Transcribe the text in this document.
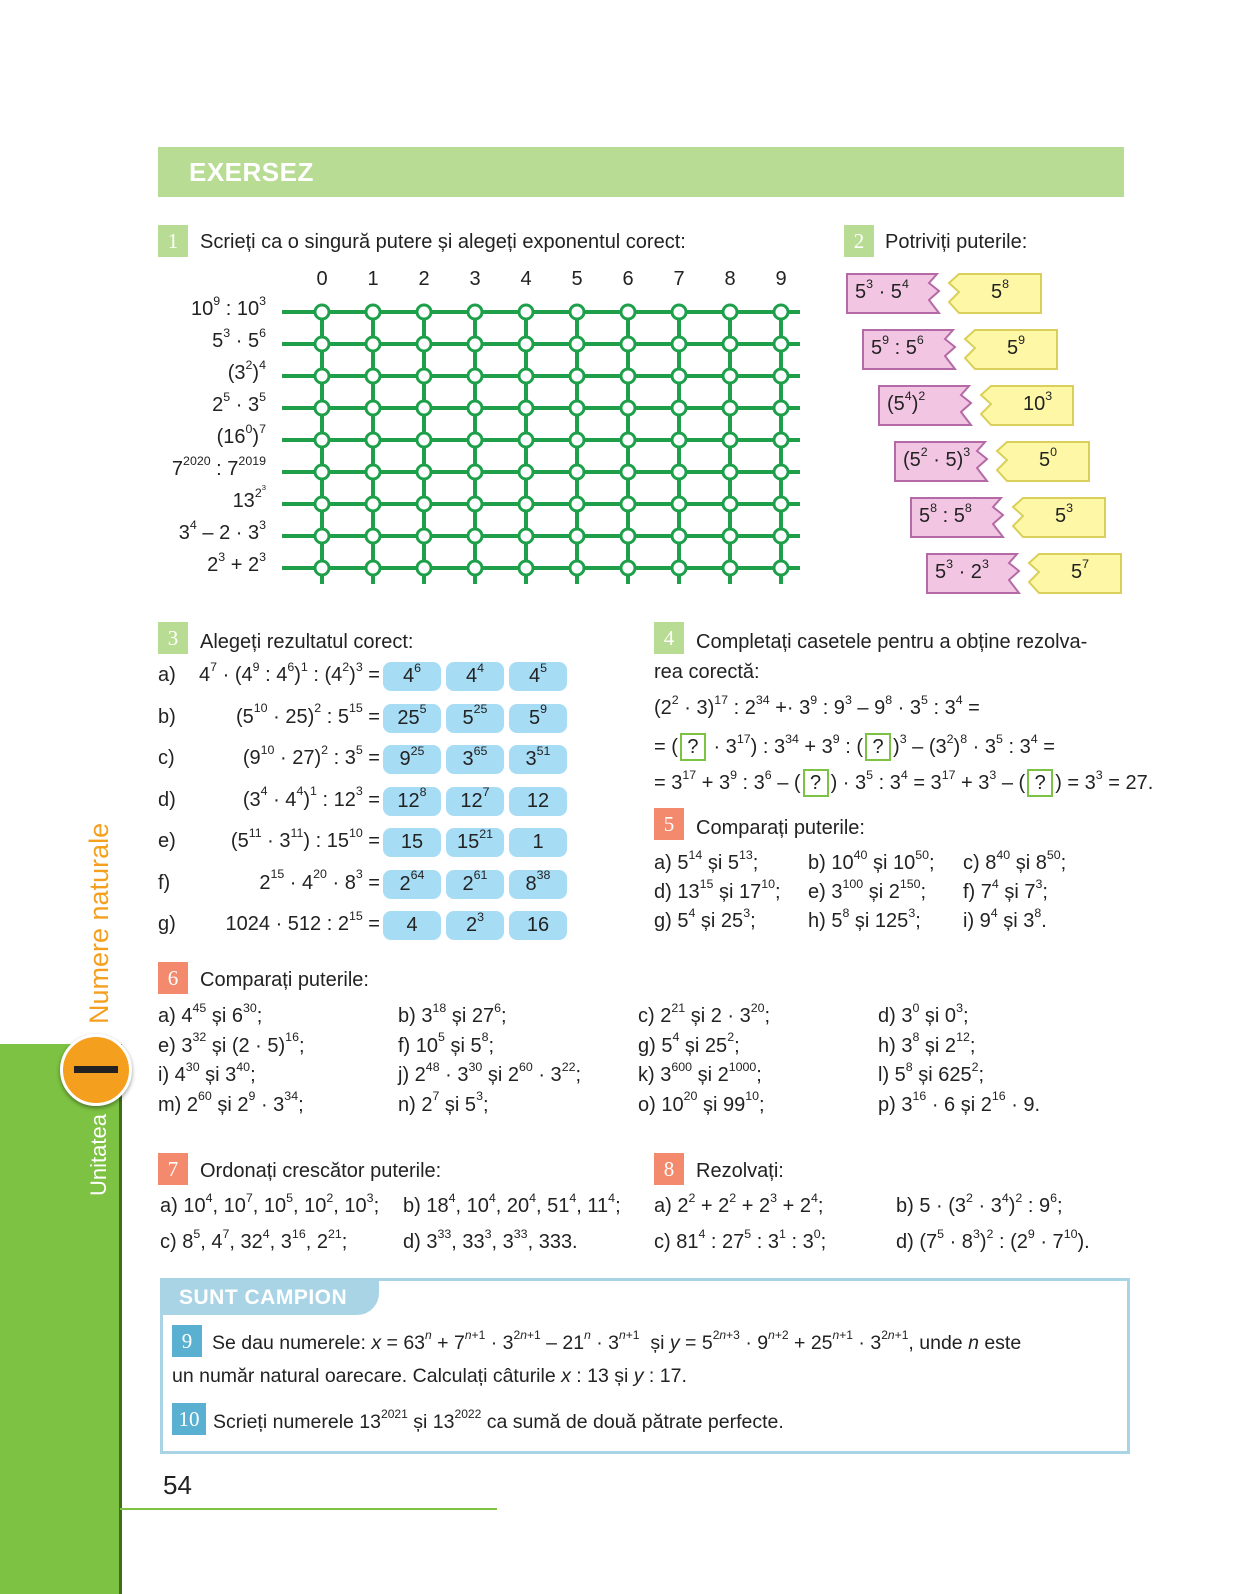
EXERSEZ
1	Scrieți ca o singură putere și alegeți exponentul corect:
0 1 2 3 4 5 6 7 8 9
$10^9$ : $10^3$
$5^3 \cdot 5^6$
$(3^2)^4$
$2^5 \cdot 3^5$
$(16^0)^7$
$7^{2020}$ : $7^{2019}$
$13^{2^3}$
$3^4 - 2 \cdot 3^3$
$2^3 + 2^3$
2	Potriviți puterile:
$5^3 \cdot 5^4$	$5^8$
$5^9$ : $5^6$	$5^9$
$(5^4)^2$	$10^3$
$(5^2 \cdot 5)^3$	$5^0$
$5^8$ : $5^8$	$5^3$
$5^3 \cdot 2^3$	$5^7$
3	Alegeți rezultatul corect:
a) $4^7 \cdot (4^9$ : $4^6)^1$ : $(4^2)^3$ =	$4^6$	$4^4$	$4^5$
b)	$(5^{10} \cdot 25)^2$ : $5^{15} = 25^5$	$5^{25}$	$5^9$
c)	$(9^{10} \cdot 27)^2$ : $3^5 = 9^{25}$	$3^{65}$	$3^{51}$
d)	$(3^4 \cdot 4^4)^1$ : $12^3 = 12^8$	$12^7$	12
e)	$(5^{11} \cdot 3^{11})$ : $15^{10}$ =	15	$15^{21}$	1
f)	$2^{15} \cdot 4^{20} \cdot 8^3 = 2^{64}$	$2^{61}$	$8^{38}$
g) 1024 · 512 : $2^{15}$ =	4	$2^3$	16
4	Completați casetele pentru a obține rezolva-
rea corectă:
$(2^2 \cdot 3)^{17}$ : $2^{34} +\cdot 3^9$ : $9^3 - 9^8 \cdot 3^5$ : $3^4$ =
= ( ? · $3^{17}$) : $3^{34} + 3^9$ : ( ? )$^3 - (3^2)^8 \cdot 3^5$ : $3^4$ =
= $3^{17} + 3^9$ : $3^6$ – ( ? ) · $3^5$ : $3^4 = 3^{17} + 3^3$ – ( ? ) = $3^3 = 27$.
5	Comparați puterile:
a) $5^{14}$ și $5^{13}$; b) $10^{40}$ și $10^{50}$; c) $8^{40}$ și $8^{50}$;
d) $13^{15}$ și $17^{10}$; e) $3^{100}$ și $2^{150}$; f) $7^4$ și $7^3$;
g) $5^4$ și $25^3$;	h) $5^8$ și $125^3$; i) $9^4$ și $3^8$.
6	Comparați puterile:
a) $4^{45}$ și $6^{30}$;	b) $3^{18}$ și $27^6$;	c) $2^{21}$ și $2 \cdot 3^{20}$;	d) $3^0$ și $0^3$;
e) $3^{32}$ și $(2 \cdot 5)^{16}$;	f) $10^5$ și $5^8$;	g) $5^4$ și $25^2$;	h) $3^8$ și $2^{12}$;
i) $4^{30}$ și $3^{40}$;	j) $2^{48} \cdot 3^{30}$ și $2^{60} \cdot 3^{22}$;	k) $3^{600}$ și $2^{1000}$;	l) $5^8$ și $625^2$;
m) $2^{60}$ și $2^9 \cdot 3^{34}$;	n) $2^7$ și $5^3$;	o) $10^{20}$ și $99^{10}$;	p) $3^{16} \cdot 6$ și $2^{16} \cdot 9$.
7	Ordonați crescător puterile:
a) $10^4$, $10^7$, $10^5$, $10^2$, $10^3$; b) $18^4$, $10^4$, $20^4$, $51^4$, $11^4$;
c) $8^5$, $4^7$, $32^4$, $3^{16}$, $2^{21}$;	d) $3^{33}$, $33^3$, $3^{33}$, 333.
8	Rezolvați:
a) $2^2 + 2^2 + 2^3 + 2^4$;	b) $5 \cdot (3^2 \cdot 3^4)^2$ : $9^6$;
c) $81^4$ : $27^5$ : $3^1$ : $3^0$;	d) $(7^5 \cdot 8^3)^2$ : $(2^9 \cdot 7^{10})$.
SUNT CAMPION
9	Se dau numerele: $x = 63^n + 7^{n+1} \cdot 3^{2n+1} - 21^n \cdot 3^{n+1}$  și $y = 5^{2n+3} \cdot 9^{n+2} + 25^{n+1} \cdot 3^{2n+1}$, unde n este
un număr natural oarecare. Calculați câturile x : 13 și y : 17.
10 Scrieți numerele $13^{2021}$ și $13^{2022}$ ca sumă de două pătrate perfecte.
Unitatea
Numere naturale
54
